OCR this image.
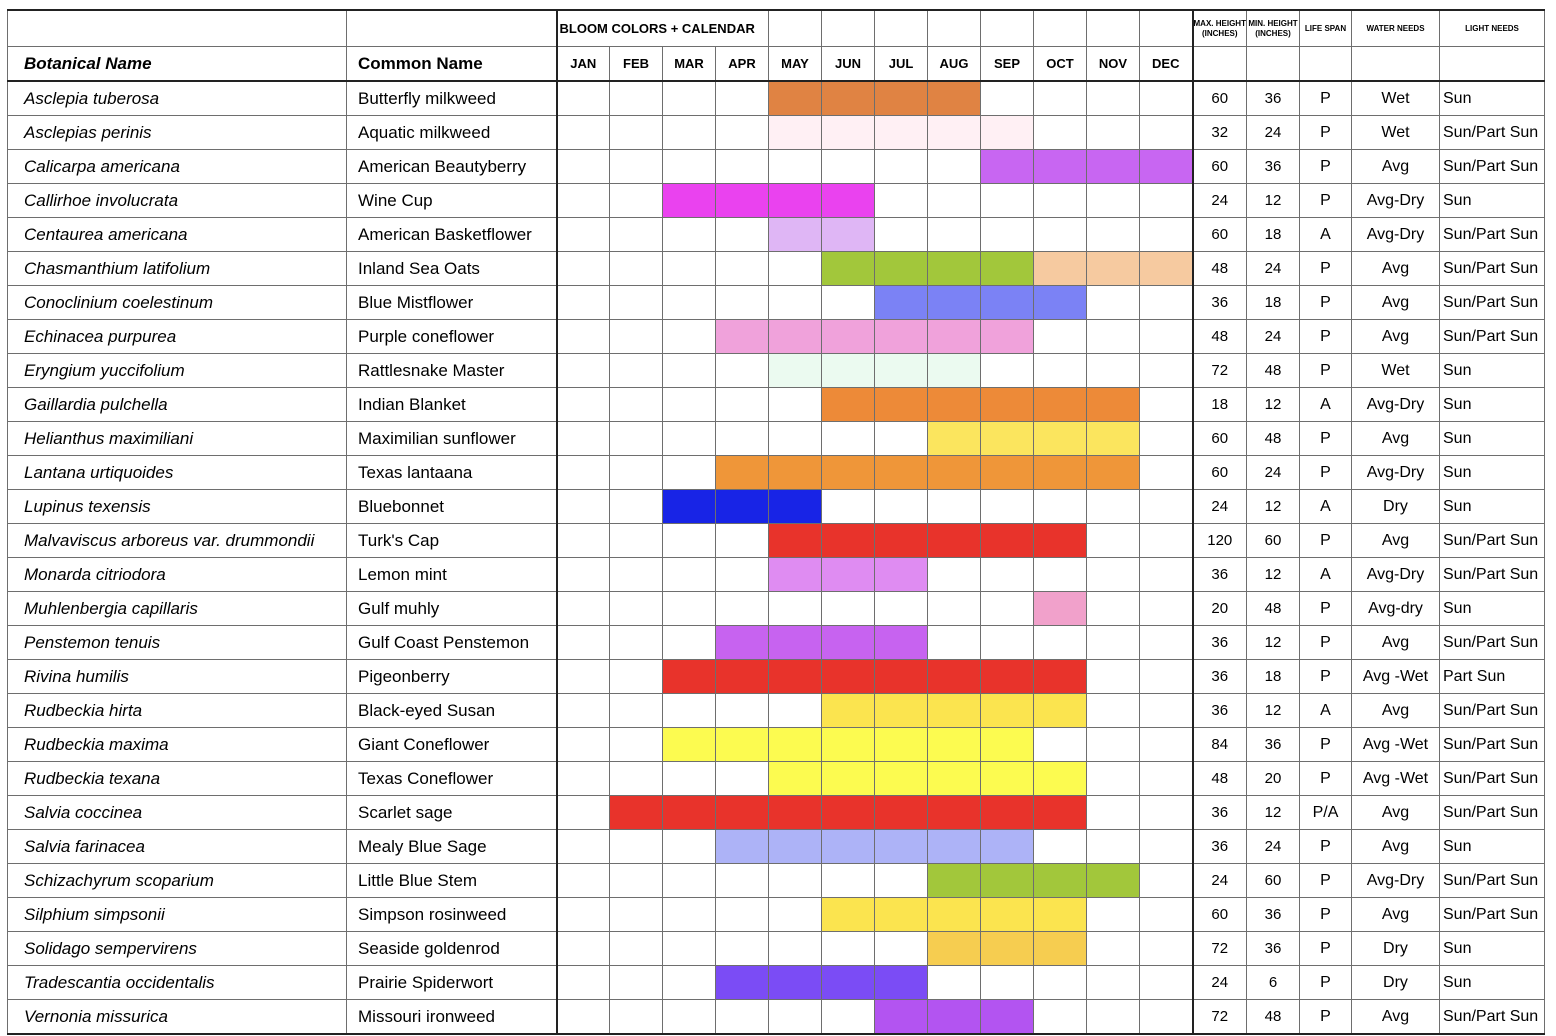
		BLOOM COLORS + CALENDAR												MAX. HEIGHT (INCHES)	MIN. HEIGHT (INCHES)	LIFE SPAN	WATER NEEDS	LIGHT NEEDS
Botanical Name	Common Name	JAN	FEB	MAR	APR	MAY	JUN	JUL	AUG	SEP	OCT	NOV	DEC					
Asclepia tuberosa	Butterfly milkweed													60	36	P	Wet	Sun
Asclepias perinis	Aquatic milkweed													32	24	P	Wet	Sun/Part Sun
Calicarpa americana	American Beautyberry													60	36	P	Avg	Sun/Part Sun
Callirhoe involucrata	Wine Cup													24	12	P	Avg-Dry	Sun
Centaurea americana	American Basketflower													60	18	A	Avg-Dry	Sun/Part Sun
Chasmanthium latifolium	Inland Sea Oats													48	24	P	Avg	Sun/Part Sun
Conoclinium coelestinum	Blue Mistflower													36	18	P	Avg	Sun/Part Sun
Echinacea purpurea	Purple coneflower													48	24	P	Avg	Sun/Part Sun
Eryngium yuccifolium	Rattlesnake Master													72	48	P	Wet	Sun
Gaillardia pulchella	Indian Blanket													18	12	A	Avg-Dry	Sun
Helianthus maximiliani	Maximilian sunflower													60	48	P	Avg	Sun
Lantana urtiquoides	Texas lantaana													60	24	P	Avg-Dry	Sun
Lupinus texensis	Bluebonnet													24	12	A	Dry	Sun
Malvaviscus arboreus var. drummondii	Turk's Cap													120	60	P	Avg	Sun/Part Sun
Monarda citriodora	Lemon mint													36	12	A	Avg-Dry	Sun/Part Sun
Muhlenbergia capillaris	Gulf muhly													20	48	P	Avg-dry	Sun
Penstemon tenuis	Gulf Coast Penstemon													36	12	P	Avg	Sun/Part Sun
Rivina humilis	Pigeonberry													36	18	P	Avg -Wet	Part Sun
Rudbeckia hirta	Black-eyed Susan													36	12	A	Avg	Sun/Part Sun
Rudbeckia maxima	Giant Coneflower													84	36	P	Avg -Wet	Sun/Part Sun
Rudbeckia texana	Texas Coneflower													48	20	P	Avg -Wet	Sun/Part Sun
Salvia coccinea	Scarlet sage													36	12	P/A	Avg	Sun/Part Sun
Salvia farinacea	Mealy Blue Sage													36	24	P	Avg	Sun
Schizachyrum scoparium	Little Blue Stem													24	60	P	Avg-Dry	Sun/Part Sun
Silphium simpsonii	Simpson rosinweed													60	36	P	Avg	Sun/Part Sun
Solidago sempervirens	Seaside goldenrod													72	36	P	Dry	Sun
Tradescantia occidentalis	Prairie Spiderwort													24	6	P	Dry	Sun
Vernonia missurica	Missouri ironweed													72	48	P	Avg	Sun/Part Sun
